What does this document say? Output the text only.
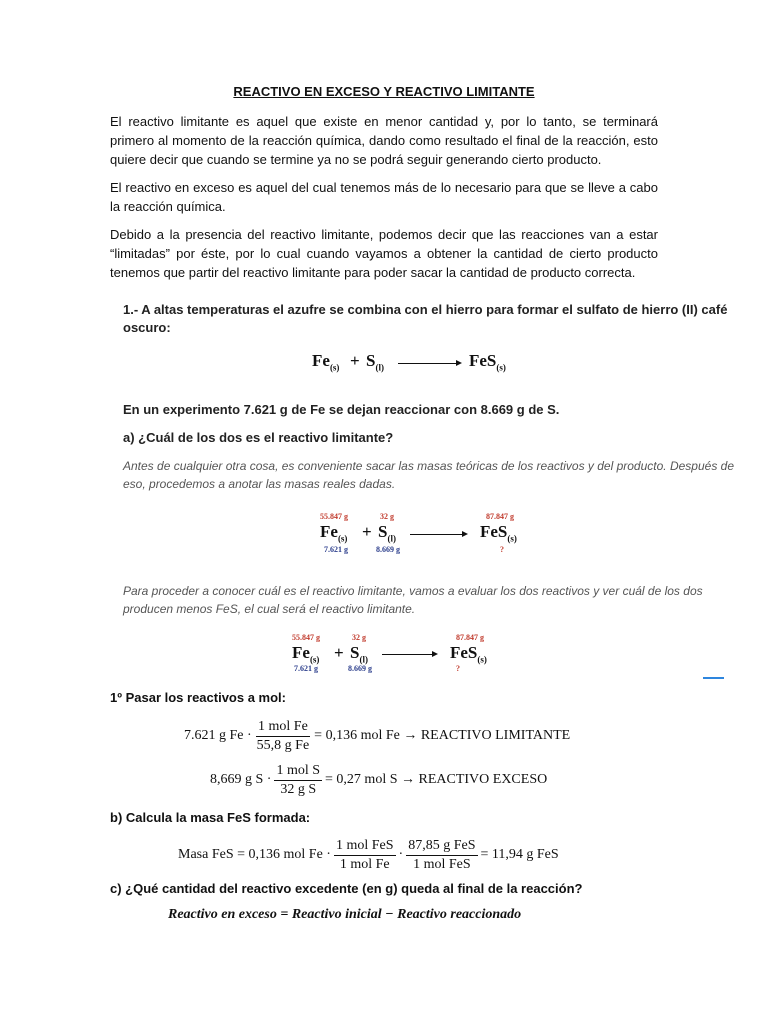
REACTIVO EN EXCESO Y REACTIVO LIMITANTE
El reactivo limitante es aquel que existe en menor cantidad y, por lo tanto, se terminará primero al momento de la reacción química, dando como resultado el final de la reacción, esto quiere decir que cuando se termine ya no se podrá seguir generando cierto producto.
El reactivo en exceso es aquel del cual tenemos más de lo necesario para que se lleve a cabo la reacción química.
Debido a la presencia del reactivo limitante, podemos decir que las reacciones van a estar “limitadas” por éste, por lo cual cuando vayamos a obtener la cantidad de cierto producto tenemos que partir del reactivo limitante para poder sacar la cantidad de producto correcta.
1.- A altas temperaturas el azufre se combina con el hierro para formar el sulfato de hierro (II) café
oscuro:
$Fe_{(s)} + S_{(l)}$	FeS$_{(s)}$
En un experimento 7.621 g de Fe se dejan reaccionar con 8.669 g de S.
a) ¿Cuál de los dos es el reactivo limitante?
Antes de cualquier otra cosa, es conveniente sacar las masas teóricas de los reactivos y del producto. Después de
eso, procedemos a anotar las masas reales dadas.
55.847 g	32 g	87.847 g
$Fe_{(s)} + S_{(l)}$	FeS$_{(s)}$
7.621 g	8.669 g	?
Para proceder a conocer cuál es el reactivo limitante, vamos a evaluar los dos reactivos y ver cuál de los dos
producen menos FeS, el cual será el reactivo limitante.
55.847 g	32 g	87.847 g
$Fe_{(s)} + S_{(l)}$	FeS$_{(s)}$
7.621 g	8.669 g	?
1º Pasar los reactivos a mol:
7.621 g $Fe \cdot \frac{\text{1 mol Fe}}{\text{55,8 g Fe}} = 0,136$ mol Fe → REACTIVO LIMITANTE
8,669 g $S \cdot \frac{\text{1 mol S}}{\text{32 g S}} = 0,27$ mol S → REACTIVO EXCESO
b) Calcula la masa FeS formada:
Masa FeS = 0,136 mol $Fe \cdot \frac{\text{1 mol FeS}}{\text{1 mol Fe}} \cdot \frac{\text{87,85 g FeS}}{\text{1 mol FeS}} = 11,94$ g FeS
c) ¿Qué cantidad del reactivo excedente (en g) queda al final de la reacción?
Reactivo en exceso = Reactivo inicial − Reactivo reaccionado
